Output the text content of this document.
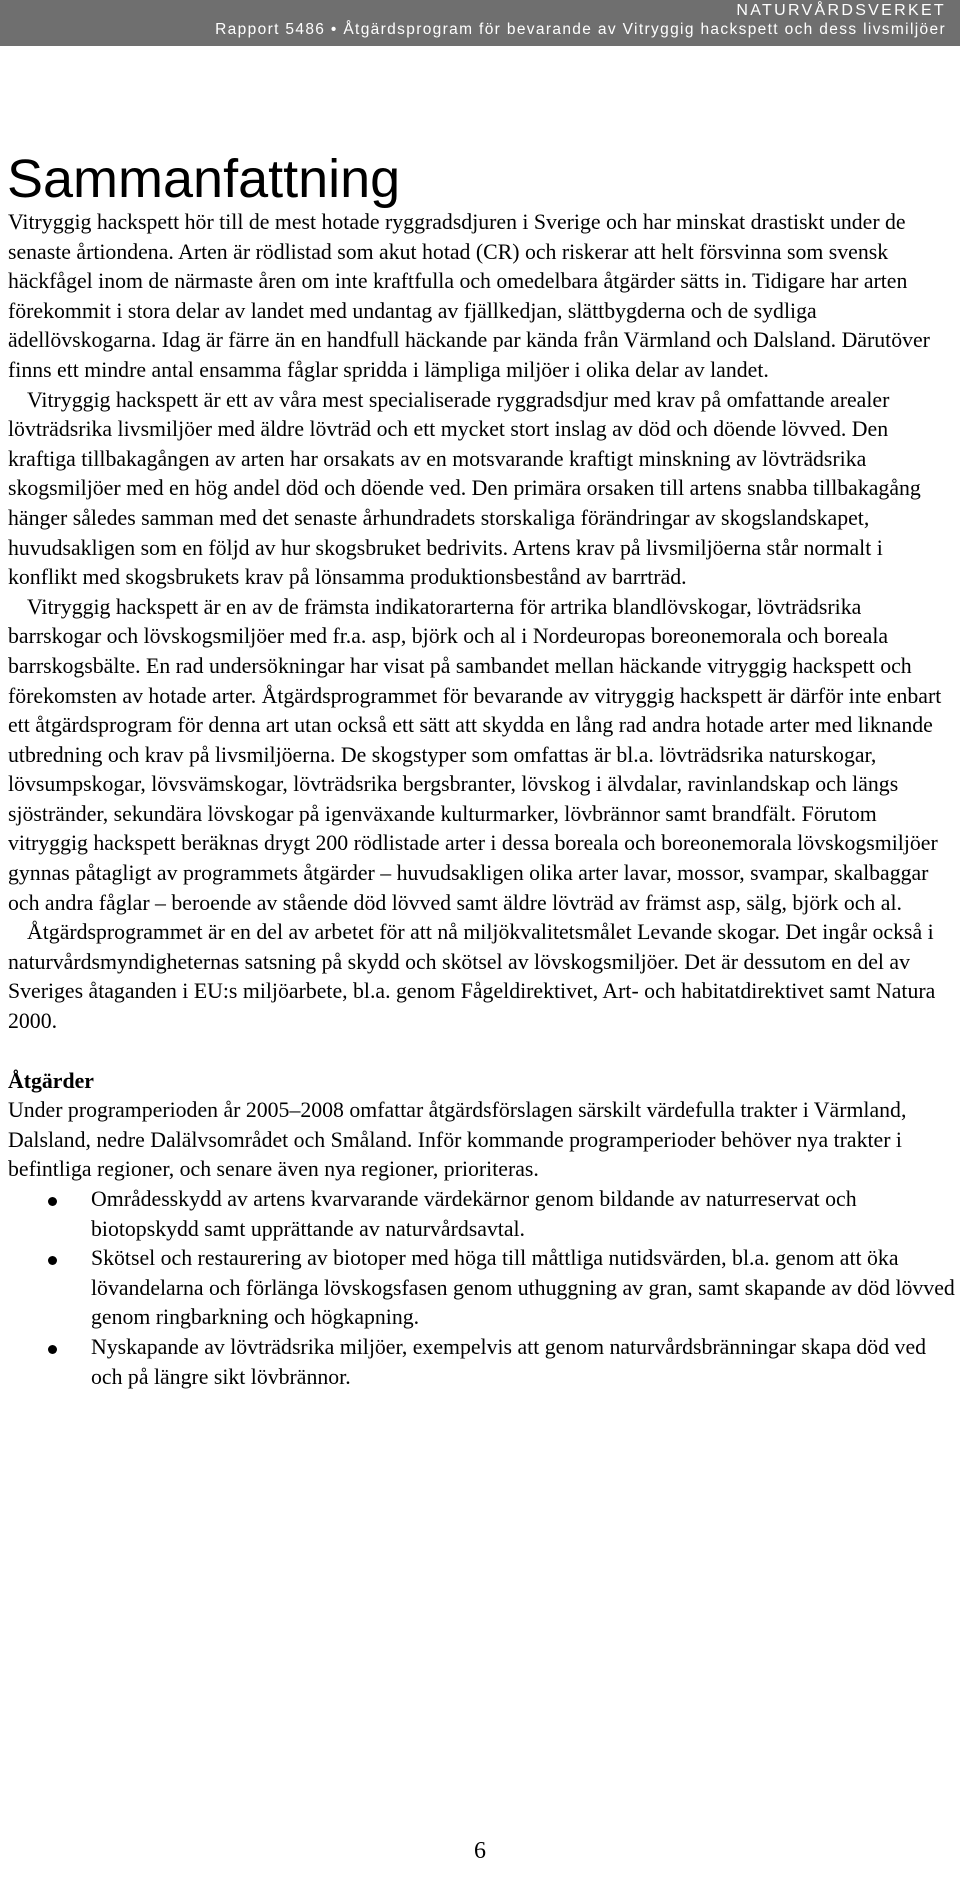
NATURVÅRDSVERKET
Rapport 5486 • Åtgärdsprogram för bevarande av Vitryggig hackspett och dess livsmiljöer
Sammanfattning

Vitryggig hackspett hör till de mest hotade ryggradsdjuren i Sverige och har minskat drastiskt under de senaste årtiondena. Arten är rödlistad som akut hotad (CR) och riskerar att helt försvinna som svensk häckfågel inom de närmaste åren om inte kraftfulla och omedelbara åtgärder sätts in. Tidigare har arten förekommit i stora delar av landet med undantag av fjällkedjan, slättbygderna och de sydliga ädellövskogarna. Idag är färre än en handfull häckande par kända från Värmland och Dalsland. Därutöver finns ett mindre antal ensamma fåglar spridda i lämpliga miljöer i olika delar av landet.

Vitryggig hackspett är ett av våra mest specialiserade ryggradsdjur med krav på omfattande arealer lövträdsrika livsmiljöer med äldre lövträd och ett mycket stort inslag av död och döende lövved. Den kraftiga tillbakagången av arten har orsakats av en motsvarande kraftigt minskning av lövträdsrika skogsmiljöer med en hög andel död och döende ved. Den primära orsaken till artens snabba tillbakagång hänger således samman med det senaste århundradets storskaliga förändringar av skogslandskapet, huvudsakligen som en följd av hur skogsbruket bedrivits. Artens krav på livsmiljöerna står normalt i konflikt med skogsbrukets krav på lönsamma produktionsbestånd av barrträd.

Vitryggig hackspett är en av de främsta indikatorarterna för artrika blandlövskogar, lövträdsrika barrskogar och lövskogsmiljöer med fr.a. asp, björk och al i Nordeuropas boreonemorala och boreala barrskogsbälte. En rad undersökningar har visat på sambandet mellan häckande vitryggig hackspett och förekomsten av hotade arter. Åtgärdsprogrammet för bevarande av vitryggig hackspett är därför inte enbart ett åtgärdsprogram för denna art utan också ett sätt att skydda en lång rad andra hotade arter med liknande utbredning och krav på livsmiljöerna. De skogstyper som omfattas är bl.a. lövträdsrika naturskogar, lövsumpskogar, lövsvämskogar, lövträdsrika bergsbranter, lövskog i älvdalar, ravinlandskap och längs sjöstränder, sekundära lövskogar på igenväxande kulturmarker, lövbrännor samt brandfält. Förutom vitryggig hackspett beräknas drygt 200 rödlistade arter i dessa boreala och boreonemorala lövskogsmiljöer gynnas påtagligt av programmets åtgärder – huvudsakligen olika arter lavar, mossor, svampar, skalbaggar och andra fåglar – beroende av stående död lövved samt äldre lövträd av främst asp, sälg, björk och al.

Åtgärdsprogrammet är en del av arbetet för att nå miljökvalitetsmålet Levande skogar. Det ingår också i naturvårdsmyndigheternas satsning på skydd och skötsel av lövskogsmiljöer. Det är dessutom en del av Sveriges åtaganden i EU:s miljöarbete, bl.a. genom Fågeldirektivet, Art- och habitatdirektivet samt Natura 2000.

Åtgärder

Under programperioden år 2005–2008 omfattar åtgärdsförslagen särskilt värdefulla trakter i Värmland, Dalsland, nedre Dalälvsområdet och Småland. Inför kommande programperioder behöver nya trakter i befintliga regioner, och senare även nya regioner, prioriteras.

Områdesskydd av artens kvarvarande värdekärnor genom bildande av naturreservat och biotopskydd samt upprättande av naturvårdsavtal.
Skötsel och restaurering av biotoper med höga till måttliga nutidsvärden, bl.a. genom att öka lövandelarna och förlänga lövskogsfasen genom uthuggning av gran, samt skapande av död lövved genom ringbarkning och högkapning.
Nyskapande av lövträdsrika miljöer, exempelvis att genom naturvårdsbränningar skapa död ved och på längre sikt lövbrännor.
6
